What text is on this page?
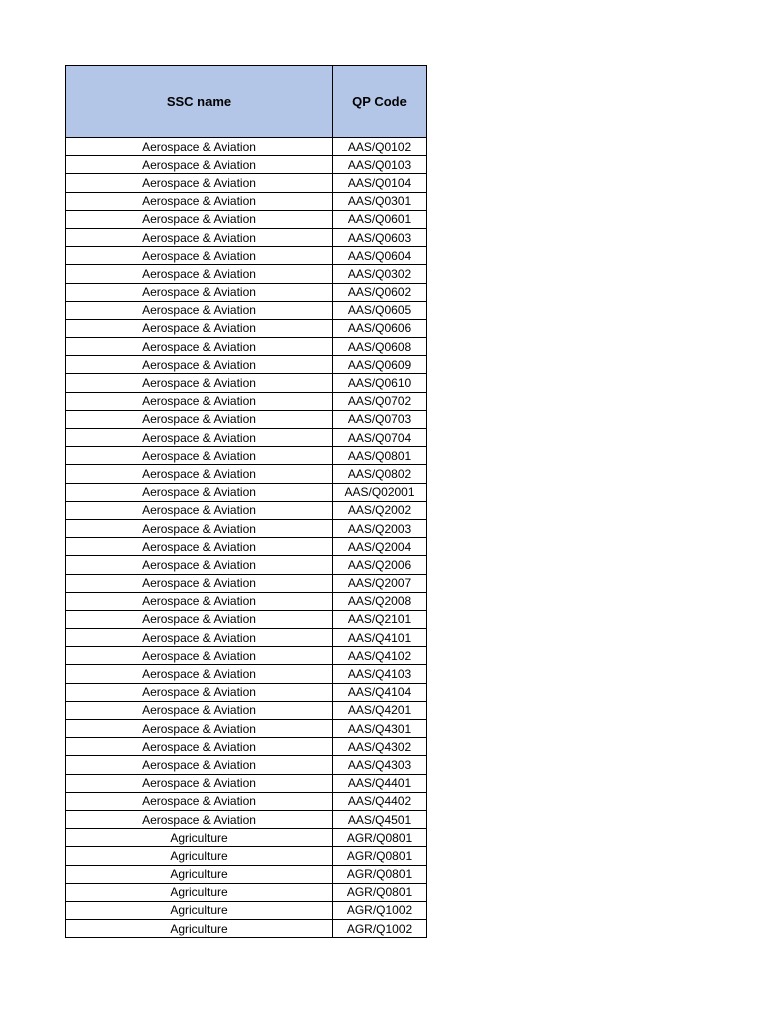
SSC name	QP Code
Aerospace & Aviation	AAS/Q0102
Aerospace & Aviation	AAS/Q0103
Aerospace & Aviation	AAS/Q0104
Aerospace & Aviation	AAS/Q0301
Aerospace & Aviation	AAS/Q0601
Aerospace & Aviation	AAS/Q0603
Aerospace & Aviation	AAS/Q0604
Aerospace & Aviation	AAS/Q0302
Aerospace & Aviation	AAS/Q0602
Aerospace & Aviation	AAS/Q0605
Aerospace & Aviation	AAS/Q0606
Aerospace & Aviation	AAS/Q0608
Aerospace & Aviation	AAS/Q0609
Aerospace & Aviation	AAS/Q0610
Aerospace & Aviation	AAS/Q0702
Aerospace & Aviation	AAS/Q0703
Aerospace & Aviation	AAS/Q0704
Aerospace & Aviation	AAS/Q0801
Aerospace & Aviation	AAS/Q0802
Aerospace & Aviation	AAS/Q02001
Aerospace & Aviation	AAS/Q2002
Aerospace & Aviation	AAS/Q2003
Aerospace & Aviation	AAS/Q2004
Aerospace & Aviation	AAS/Q2006
Aerospace & Aviation	AAS/Q2007
Aerospace & Aviation	AAS/Q2008
Aerospace & Aviation	AAS/Q2101
Aerospace & Aviation	AAS/Q4101
Aerospace & Aviation	AAS/Q4102
Aerospace & Aviation	AAS/Q4103
Aerospace & Aviation	AAS/Q4104
Aerospace & Aviation	AAS/Q4201
Aerospace & Aviation	AAS/Q4301
Aerospace & Aviation	AAS/Q4302
Aerospace & Aviation	AAS/Q4303
Aerospace & Aviation	AAS/Q4401
Aerospace & Aviation	AAS/Q4402
Aerospace & Aviation	AAS/Q4501
Agriculture	AGR/Q0801
Agriculture	AGR/Q0801
Agriculture	AGR/Q0801
Agriculture	AGR/Q0801
Agriculture	AGR/Q1002
Agriculture	AGR/Q1002
